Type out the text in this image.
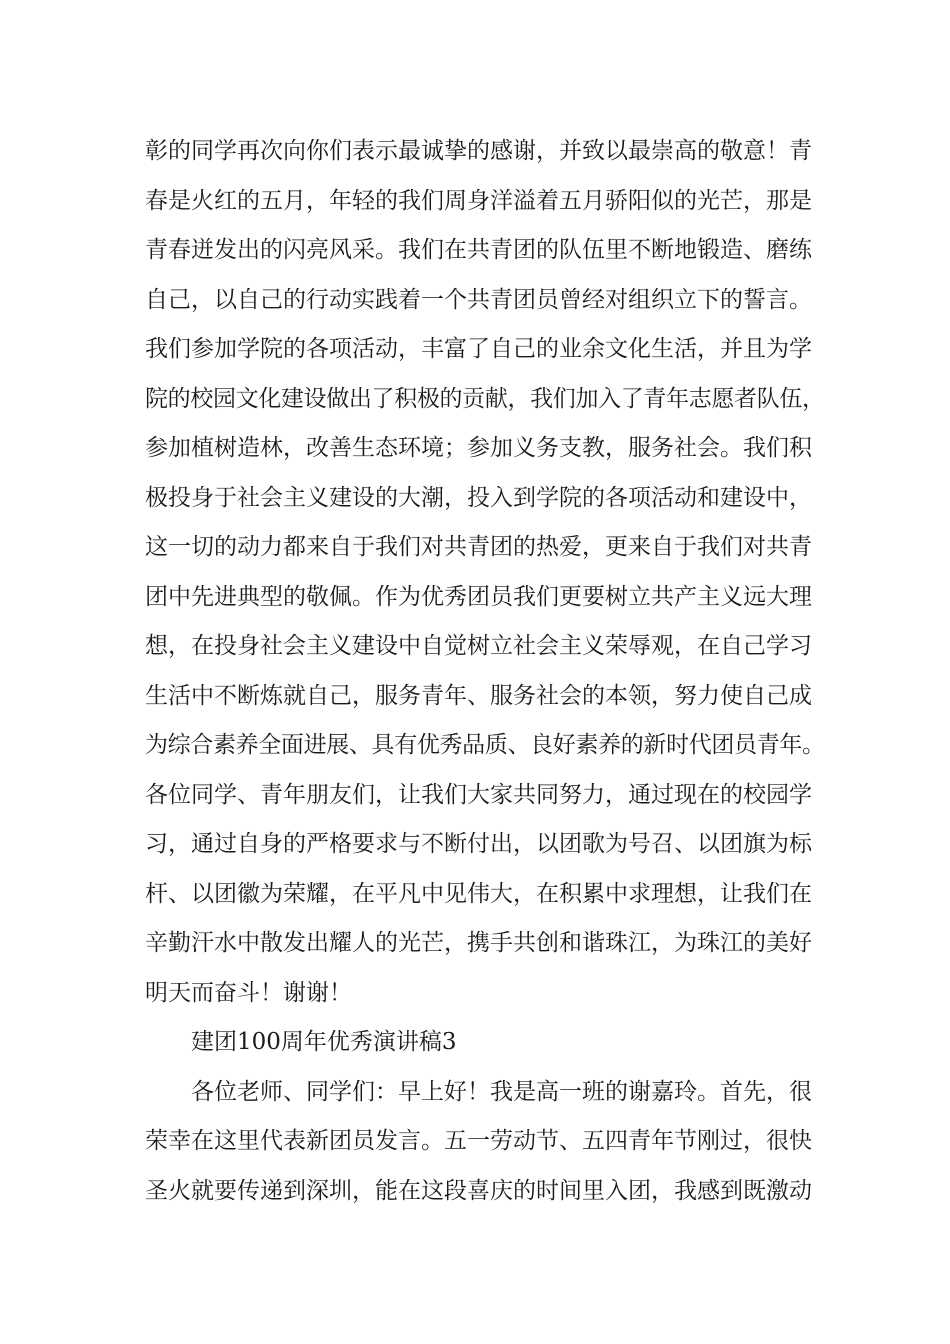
彰的同学再次向你们表示最诚挚的感谢，并致以最崇高的敬意！青
春是火红的五月，年轻的我们周身洋溢着五月骄阳似的光芒，那是
青春迸发出的闪亮风采。我们在共青团的队伍里不断地锻造、磨练
自己，以自己的行动实践着一个共青团员曾经对组织立下的誓言。
我们参加学院的各项活动，丰富了自己的业余文化生活，并且为学
院的校园文化建设做出了积极的贡献，我们加入了青年志愿者队伍，
参加植树造林，改善生态环境；参加义务支教，服务社会。我们积
极投身于社会主义建设的大潮，投入到学院的各项活动和建设中，
这一切的动力都来自于我们对共青团的热爱，更来自于我们对共青
团中先进典型的敬佩。作为优秀团员我们更要树立共产主义远大理
想，在投身社会主义建设中自觉树立社会主义荣辱观，在自己学习
生活中不断炼就自己，服务青年、服务社会的本领，努力使自己成
为综合素养全面进展、具有优秀品质、良好素养的新时代团员青年。
各位同学、青年朋友们，让我们大家共同努力，通过现在的校园学
习，通过自身的严格要求与不断付出，以团歌为号召、以团旗为标
杆、以团徽为荣耀，在平凡中见伟大，在积累中求理想，让我们在
辛勤汗水中散发出耀人的光芒，携手共创和谐珠江，为珠江的美好
明天而奋斗！谢谢！
建团100周年优秀演讲稿3
各位老师、同学们：早上好！我是高一班的谢嘉玲。首先，很
荣幸在这里代表新团员发言。五一劳动节、五四青年节刚过，很快
圣火就要传递到深圳，能在这段喜庆的时间里入团，我感到既激动
